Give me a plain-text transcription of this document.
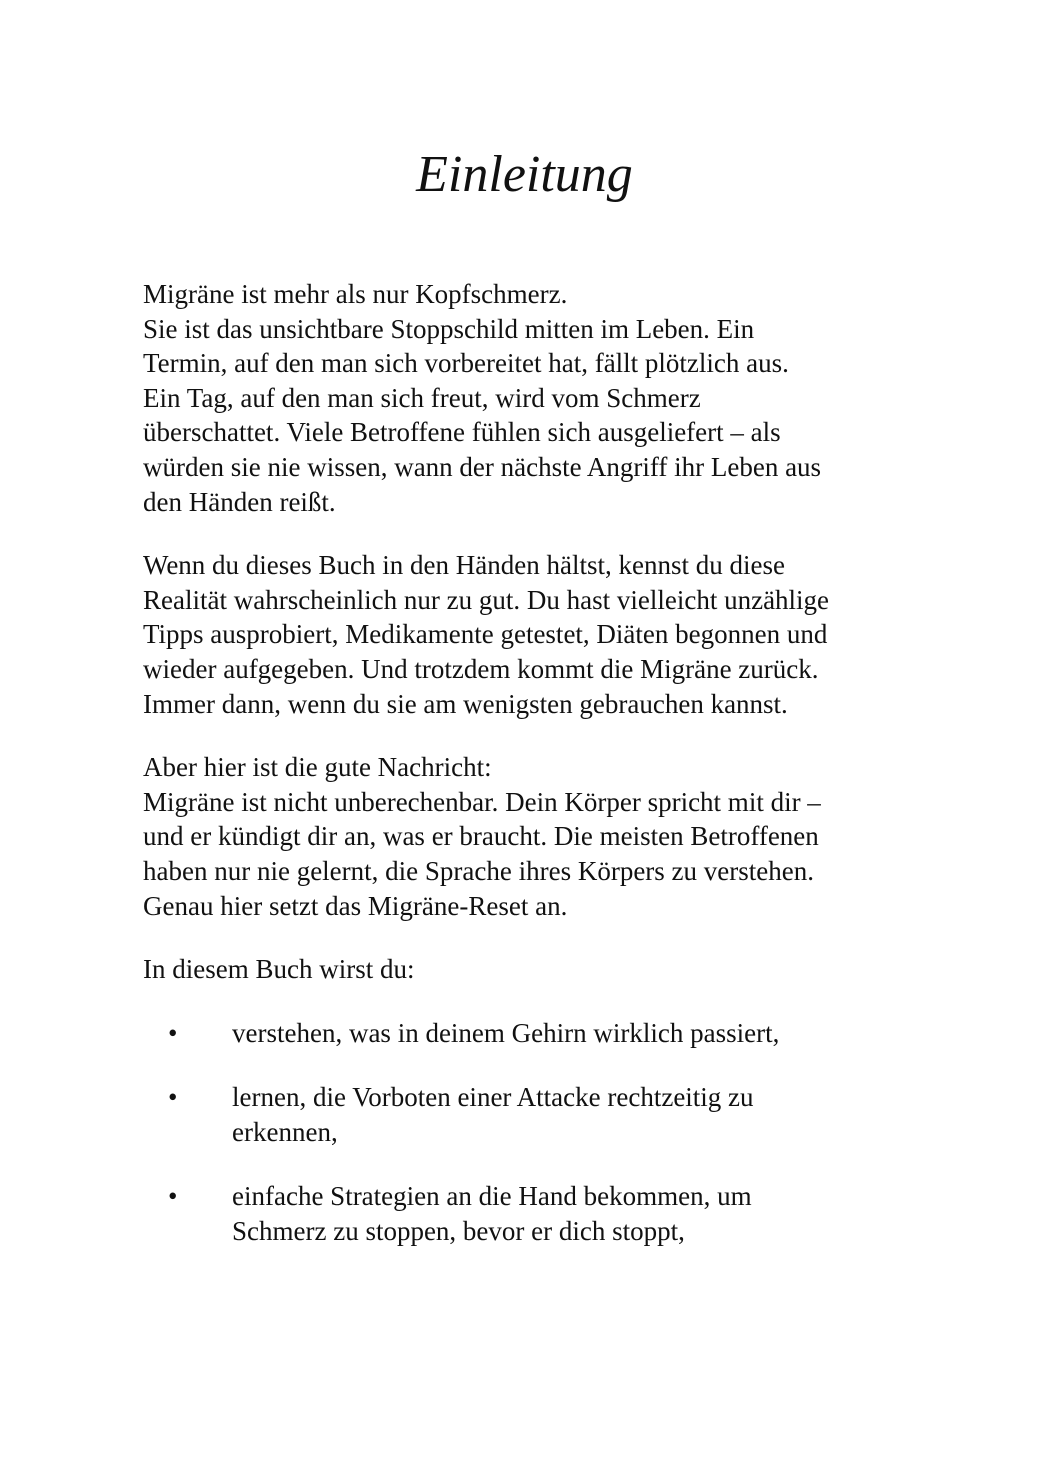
Einleitung

Migräne ist mehr als nur Kopfschmerz.
Sie ist das unsichtbare Stoppschild mitten im Leben. Ein
Termin, auf den man sich vorbereitet hat, fällt plötzlich aus.
Ein Tag, auf den man sich freut, wird vom Schmerz
überschattet. Viele Betroffene fühlen sich ausgeliefert – als
würden sie nie wissen, wann der nächste Angriff ihr Leben aus
den Händen reißt.

Wenn du dieses Buch in den Händen hältst, kennst du diese
Realität wahrscheinlich nur zu gut. Du hast vielleicht unzählige
Tipps ausprobiert, Medikamente getestet, Diäten begonnen und
wieder aufgegeben. Und trotzdem kommt die Migräne zurück.
Immer dann, wenn du sie am wenigsten gebrauchen kannst.

Aber hier ist die gute Nachricht:
Migräne ist nicht unberechenbar. Dein Körper spricht mit dir –
und er kündigt dir an, was er braucht. Die meisten Betroffenen
haben nur nie gelernt, die Sprache ihres Körpers zu verstehen.
Genau hier setzt das Migräne-Reset an.

In diesem Buch wirst du:

• verstehen, was in deinem Gehirn wirklich passiert,
• lernen, die Vorboten einer Attacke rechtzeitig zu
erkennen,
• einfache Strategien an die Hand bekommen, um
Schmerz zu stoppen, bevor er dich stoppt,
